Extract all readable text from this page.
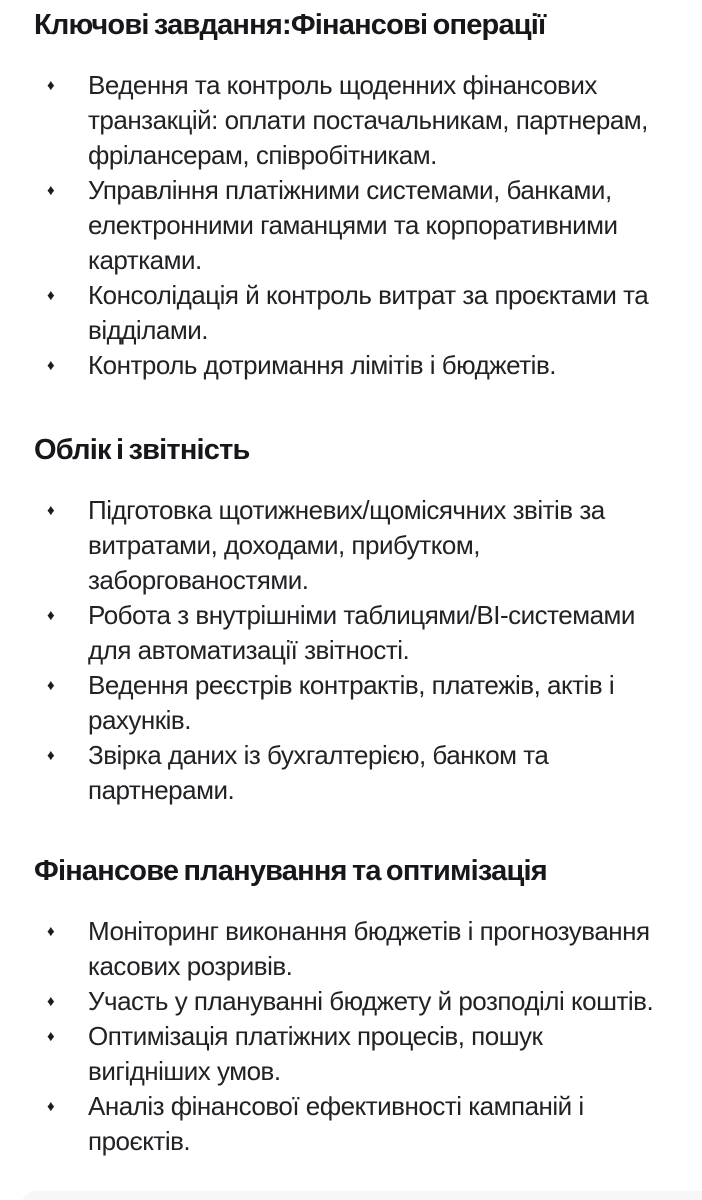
Ключові завдання:Фінансові операції
♦	Ведення та контроль щоденних фінансових транзакцій: оплати постачальникам, партнерам, фрілансерам, співробітникам.
♦	Управління платіжними системами, банками, електронними гаманцями та корпоративними картками.
♦	Консолідація й контроль витрат за проєктами та відділами.
♦	Контроль дотримання лімітів і бюджетів.
Облік і звітність
♦	Підготовка щотижневих/щомісячних звітів за витратами, доходами, прибутком, заборгованостями.
♦	Робота з внутрішніми таблицями/BI-системами для автоматизації звітності.
♦	Ведення реєстрів контрактів, платежів, актів і рахунків.
♦	Звірка даних із бухгалтерією, банком та партнерами.
Фінансове планування та оптимізація
♦	Моніторинг виконання бюджетів і прогнозування касових розривів.
♦	Участь у плануванні бюджету й розподілі коштів.
♦	Оптимізація платіжних процесів, пошук вигідніших умов.
♦	Аналіз фінансової ефективності кампаній і проєктів.
